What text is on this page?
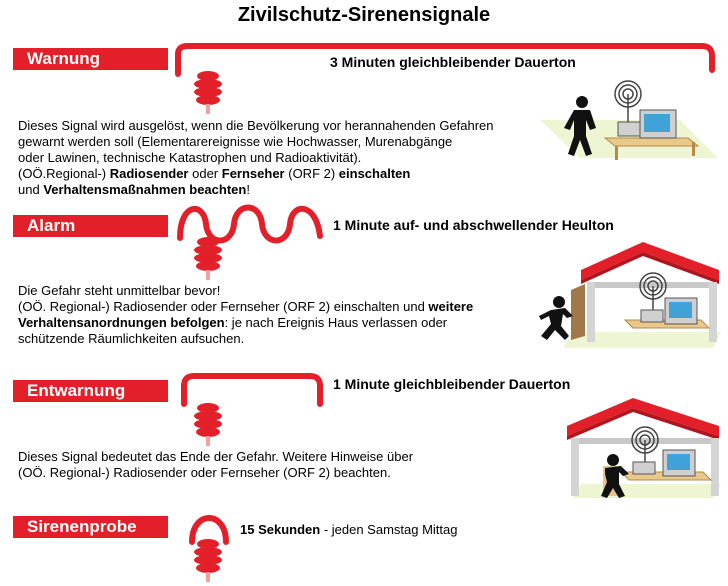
Zivilschutz-Sirenensignale
Warnung	3 Minuten gleichbleibender Dauerton
Dieses Signal wird ausgelöst, wenn die Bevölkerung vor herannahenden Gefahren
gewarnt werden soll (Elementarereignisse wie Hochwasser, Murenabgänge
oder Lawinen, technische Katastrophen und Radioaktivität).
(OÖ.Regional-) Radiosender oder Fernseher (ORF 2) einschalten
und Verhaltensmaßnahmen beachten!
Alarm	1 Minute auf- und abschwellender Heulton
Die Gefahr steht unmittelbar bevor!
(OÖ. Regional-) Radiosender oder Fernseher (ORF 2) einschalten und weitere
Verhaltensanordnungen befolgen: je nach Ereignis Haus verlassen oder
schützende Räumlichkeiten aufsuchen.
Entwarnung	1 Minute gleichbleibender Dauerton
Dieses Signal bedeutet das Ende der Gefahr. Weitere Hinweise über
(OÖ. Regional-) Radiosender oder Fernseher (ORF 2) beachten.
Sirenenprobe	15 Sekunden - jeden Samstag Mittag
